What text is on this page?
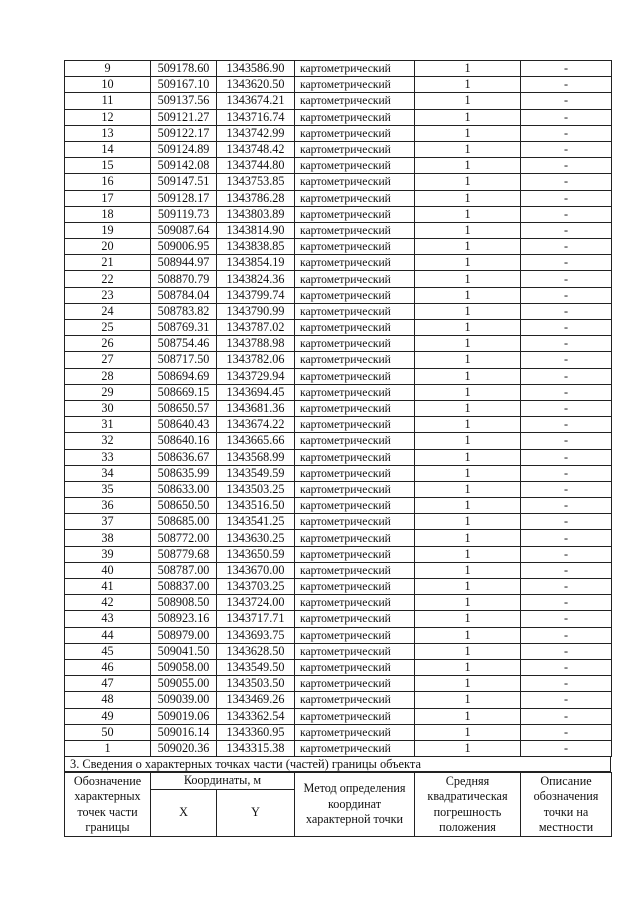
9	509178.60	1343586.90	картометрический	1	-
10	509167.10	1343620.50	картометрический	1	-
11	509137.56	1343674.21	картометрический	1	-
12	509121.27	1343716.74	картометрический	1	-
13	509122.17	1343742.99	картометрический	1	-
14	509124.89	1343748.42	картометрический	1	-
15	509142.08	1343744.80	картометрический	1	-
16	509147.51	1343753.85	картометрический	1	-
17	509128.17	1343786.28	картометрический	1	-
18	509119.73	1343803.89	картометрический	1	-
19	509087.64	1343814.90	картометрический	1	-
20	509006.95	1343838.85	картометрический	1	-
21	508944.97	1343854.19	картометрический	1	-
22	508870.79	1343824.36	картометрический	1	-
23	508784.04	1343799.74	картометрический	1	-
24	508783.82	1343790.99	картометрический	1	-
25	508769.31	1343787.02	картометрический	1	-
26	508754.46	1343788.98	картометрический	1	-
27	508717.50	1343782.06	картометрический	1	-
28	508694.69	1343729.94	картометрический	1	-
29	508669.15	1343694.45	картометрический	1	-
30	508650.57	1343681.36	картометрический	1	-
31	508640.43	1343674.22	картометрический	1	-
32	508640.16	1343665.66	картометрический	1	-
33	508636.67	1343568.99	картометрический	1	-
34	508635.99	1343549.59	картометрический	1	-
35	508633.00	1343503.25	картометрический	1	-
36	508650.50	1343516.50	картометрический	1	-
37	508685.00	1343541.25	картометрический	1	-
38	508772.00	1343630.25	картометрический	1	-
39	508779.68	1343650.59	картометрический	1	-
40	508787.00	1343670.00	картометрический	1	-
41	508837.00	1343703.25	картометрический	1	-
42	508908.50	1343724.00	картометрический	1	-
43	508923.16	1343717.71	картометрический	1	-
44	508979.00	1343693.75	картометрический	1	-
45	509041.50	1343628.50	картометрический	1	-
46	509058.00	1343549.50	картометрический	1	-
47	509055.00	1343503.50	картометрический	1	-
48	509039.00	1343469.26	картометрический	1	-
49	509019.06	1343362.54	картометрический	1	-
50	509016.14	1343360.95	картометрический	1	-
1	509020.36	1343315.38	картометрический	1	-
3. Сведения о характерных точках части (частей) границы объекта
Обозначение характерных точек части границы	Координаты, м		Метод определения координат характерной точки	Средняя квадратическая погрешность положения	Описание обозначения точки на местности
	X	Y			
